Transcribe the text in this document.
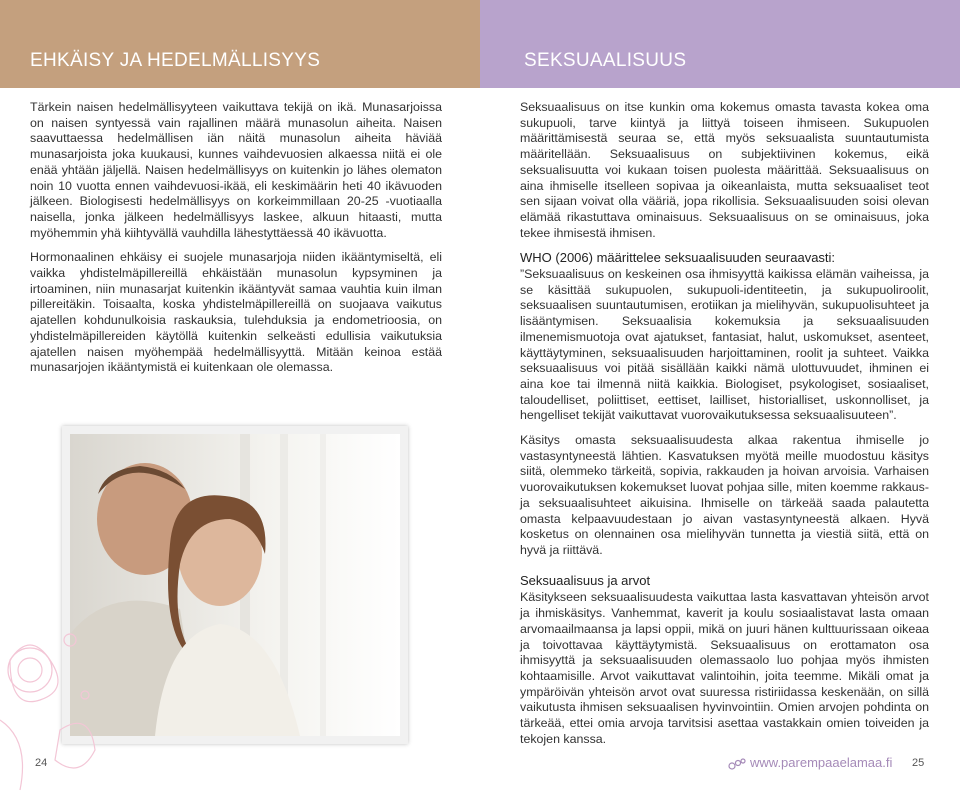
EHKÄISY JA HEDELMÄLLISYYS	SEKSUAALISUUS

Tärkein naisen hedelmällisyyteen vaikuttava tekijä on ikä. Munasarjoissa on naisen syntyessä vain rajallinen määrä munasolun aiheita. Naisen saavuttaessa hedelmällisen iän näitä munasolun aiheita häviää munasarjoista joka kuukausi, kunnes vaihdevuosien alkaessa niitä ei ole enää yhtään jäljellä. Naisen hedelmällisyys on kuitenkin jo lähes olematon noin 10 vuotta ennen vaihdevuosi-ikää, eli keskimäärin heti 40 ikävuoden jälkeen. Biologisesti hedelmällisyys on korkeimmillaan 20-25 -vuotiaalla naisella, jonka jälkeen hedelmällisyys laskee, alkuun hitaasti, mutta myöhemmin yhä kiihtyvällä vauhdilla lähestyttäessä 40 ikävuotta.

Hormonaalinen ehkäisy ei suojele munasarjoja niiden ikääntymiseltä, eli vaikka yhdistelmäpillereillä ehkäistään munasolun kypsyminen ja irtoaminen, niin munasarjat kuitenkin ikääntyvät samaa vauhtia kuin ilman pillereitäkin. Toisaalta, koska yhdistelmäpillereillä on suojaava vaikutus ajatellen kohdunulkoisia raskauksia, tulehduksia ja endometrioosia, on yhdistelmäpillereiden käytöllä kuitenkin selkeästi edullisia vaikutuksia ajatellen naisen myöhempää hedelmällisyyttä. Mitään keinoa estää munasarjojen ikääntymistä ei kuitenkaan ole olemassa.

Seksuaalisuus on itse kunkin oma kokemus omasta tavasta kokea oma sukupuoli, tarve kiintyä ja liittyä toiseen ihmiseen. Sukupuolen määrittämisestä seuraa se, että myös seksuaalista suuntautumista määritellään. Seksuaalisuus on subjektiivinen kokemus, eikä seksualisuutta voi kukaan toisen puolesta määrittää. Seksuaalisuus on aina ihmiselle itselleen sopivaa ja oikeanlaista, mutta seksuaaliset teot sen sijaan voivat olla vääriä, jopa rikollisia. Seksuaalisuuden soisi olevan elämää rikastuttava ominaisuus. Seksuaalisuus on se ominaisuus, joka tekee ihmisestä ihmisen.

WHO (2006) määrittelee seksuaalisuuden seuraavasti:

”Seksuaalisuus on keskeinen osa ihmisyyttä kaikissa elämän vaiheissa, ja se käsittää sukupuolen, sukupuoli-identiteetin, ja sukupuoliroolit, seksuaalisen suuntautumisen, erotiikan ja mielihyvän, sukupuolisuhteet ja lisääntymisen. Seksuaalisia kokemuksia ja seksuaalisuuden ilmenemismuotoja ovat ajatukset, fantasiat, halut, uskomukset, asenteet, käyttäytyminen, seksuaalisuuden harjoittaminen, roolit ja suhteet. Vaikka seksuaalisuus voi pitää sisällään kaikki nämä ulottuvuudet, ihminen ei aina koe tai ilmennä niitä kaikkia. Biologiset, psykologiset, sosiaaliset, taloudelliset, poliittiset, eettiset, lailliset, historialliset, uskonnolliset, ja hengelliset tekijät vaikuttavat vuorovaikutuksessa seksuaalisuuteen”.

Käsitys omasta seksuaalisuudesta alkaa rakentua ihmiselle jo vastasyntyneestä lähtien. Kasvatuksen myötä meille muodostuu käsitys siitä, olemmeko tärkeitä, sopivia, rakkauden ja hoivan arvoisia. Varhaisen vuorovaikutuksen kokemukset luovat pohjaa sille, miten koemme rakkaus- ja seksuaalisuhteet aikuisina. Ihmiselle on tärkeää saada palautetta omasta kelpaavuudestaan jo aivan vastasyntyneestä alkaen. Hyvä kosketus on olennainen osa mielihyvän tunnetta ja viestiä siitä, että on hyvä ja riittävä.

Seksuaalisuus ja arvot

Käsitykseen seksuaalisuudesta vaikuttaa lasta kasvattavan yhteisön arvot ja ihmiskäsitys. Vanhemmat, kaverit ja koulu sosiaalistavat lasta omaan arvomaailmaansa ja lapsi oppii, mikä on juuri hänen kulttuurissaan oikeaa ja toivottavaa käyttäytymistä. Seksuaalisuus on erottamaton osa ihmisyyttä ja seksuaalisuuden olemassaolo luo pohjaa myös ihmisten kohtaamisille. Arvot vaikuttavat valintoihin, joita teemme. Mikäli omat ja ympäröivän yhteisön arvot ovat suuressa ristiriidassa keskenään, on sillä vaikutusta ihmisen seksuaalisen hyvinvointiin. Omien arvojen pohdinta on tärkeää, ettei omia arvoja tarvitsisi asettaa vastakkain omien toiveiden ja tekojen kanssa.

24	www.parempaaelamaa.fi 25
